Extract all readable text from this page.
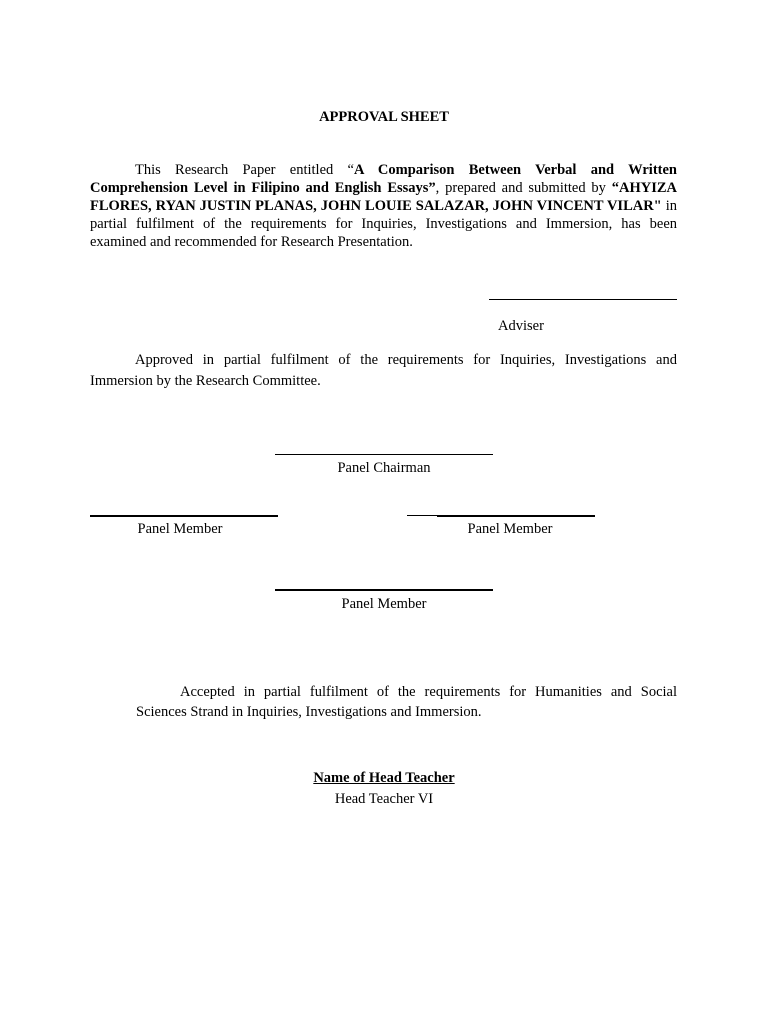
APPROVAL SHEET
This Research Paper entitled “A Comparison Between Verbal and Written Comprehension Level in Filipino and English Essays”, prepared and submitted by “AHYIZA FLORES, RYAN JUSTIN PLANAS, JOHN LOUIE SALAZAR, JOHN VINCENT VILAR" in partial fulfilment of the requirements for Inquiries, Investigations and Immersion, has been examined and recommended for Research Presentation.
Adviser
Approved in partial fulfilment of the requirements for Inquiries, Investigations and Immersion by the Research Committee.
Panel Chairman
Panel Member	Panel Member
Panel Member
Accepted in partial fulfilment of the requirements for Humanities and Social Sciences Strand in Inquiries, Investigations and Immersion.
Name of Head Teacher
Head Teacher VI
